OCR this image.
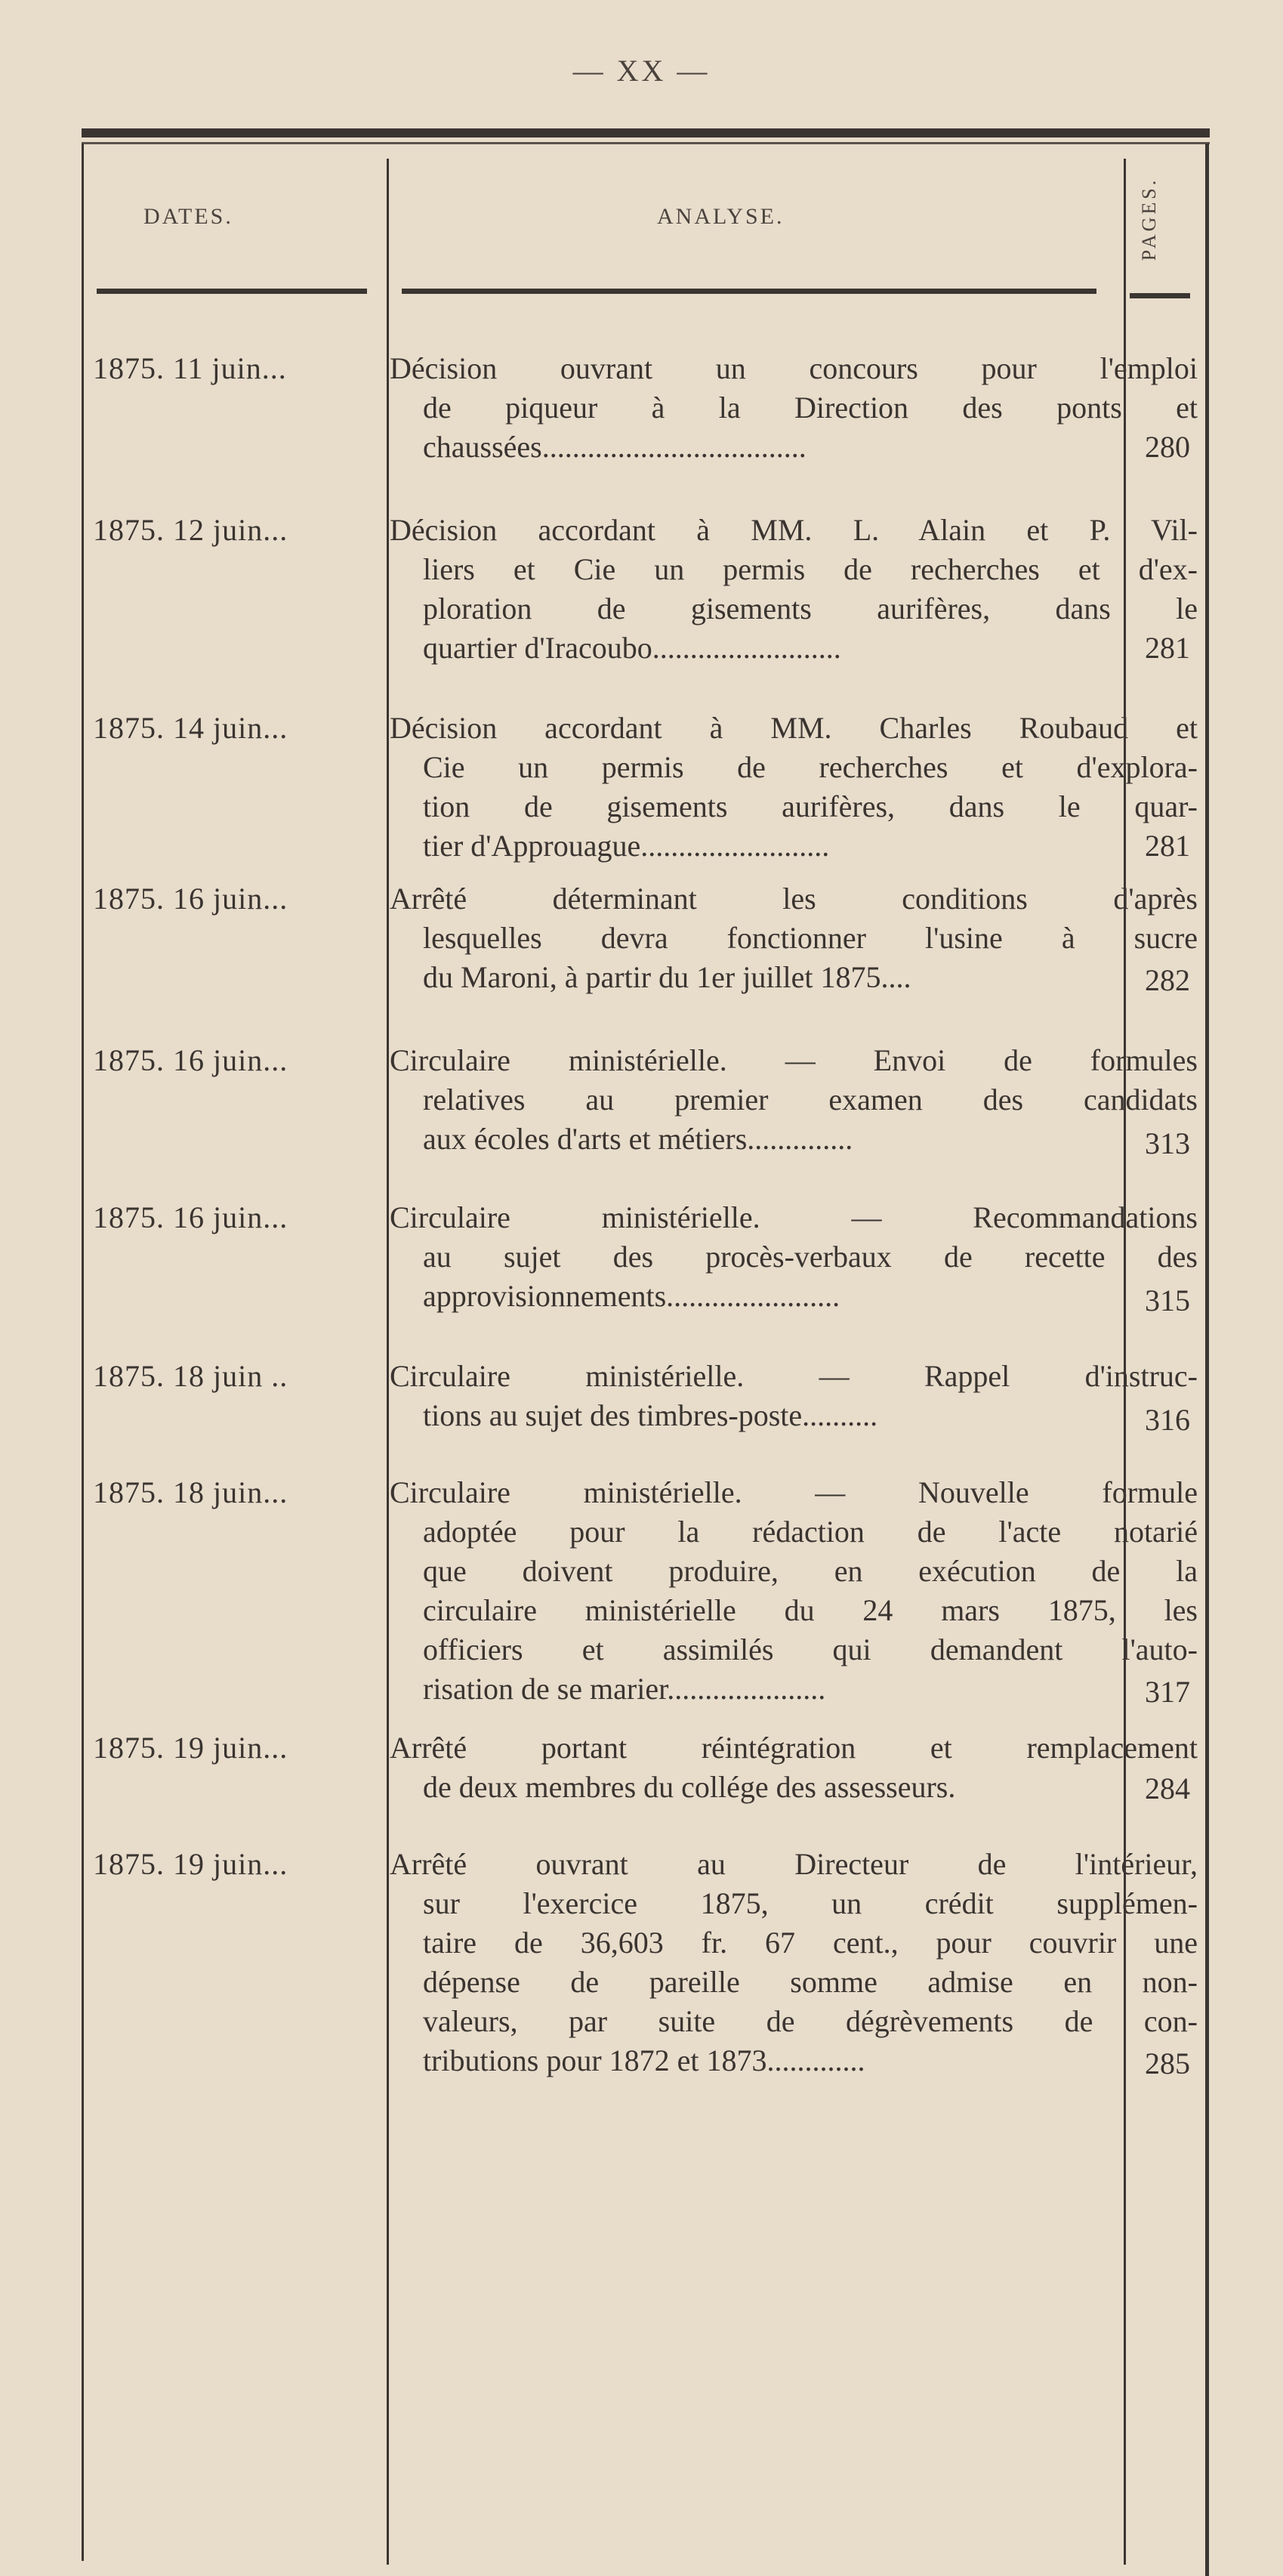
— XX —
DATES.	ANALYSE.	PAGES.
1875. 11 juin...	Décision ouvrant un concours pour l'emploi
de piqueur à la Direction des ponts et
chaussées...................................	280
1875. 12 juin...	Décision accordant à MM. L. Alain et P. Vil-
liers et Cie un permis de recherches et d'ex-
ploration de gisements aurifères, dans le
quartier d'Iracoubo.........................	281
1875. 14 juin...	Décision accordant à MM. Charles Roubaud et
Cie un permis de recherches et d'explora-
tion de gisements aurifères, dans le quar-
tier d'Approuague.........................	281
1875. 16 juin...	Arrêté déterminant les conditions d'après
lesquelles devra fonctionner l'usine à sucre
du Maroni, à partir du 1er juillet 1875....	282
1875. 16 juin...	Circulaire ministérielle. — Envoi de formules
relatives au premier examen des candidats
aux écoles d'arts et métiers..............	313
1875. 16 juin...	Circulaire ministérielle. — Recommandations
au sujet des procès-verbaux de recette des
approvisionnements.......................	315
1875. 18 juin ..	Circulaire ministérielle. — Rappel d'instruc-
tions au sujet des timbres-poste..........	316
1875. 18 juin...	Circulaire ministérielle. — Nouvelle formule
adoptée pour la rédaction de l'acte notarié
que doivent produire, en exécution de la
circulaire ministérielle du 24 mars 1875, les
officiers et assimilés qui demandent l'auto-
risation de se marier.....................	317
1875. 19 juin...	Arrêté portant réintégration et remplacement
de deux membres du collége des assesseurs.	284
1875. 19 juin...	Arrêté ouvrant au Directeur de l'intérieur,
sur l'exercice 1875, un crédit supplémen-
taire de 36,603 fr. 67 cent., pour couvrir une
dépense de pareille somme admise en non-
valeurs, par suite de dégrèvements de con-
tributions pour 1872 et 1873.............	285
